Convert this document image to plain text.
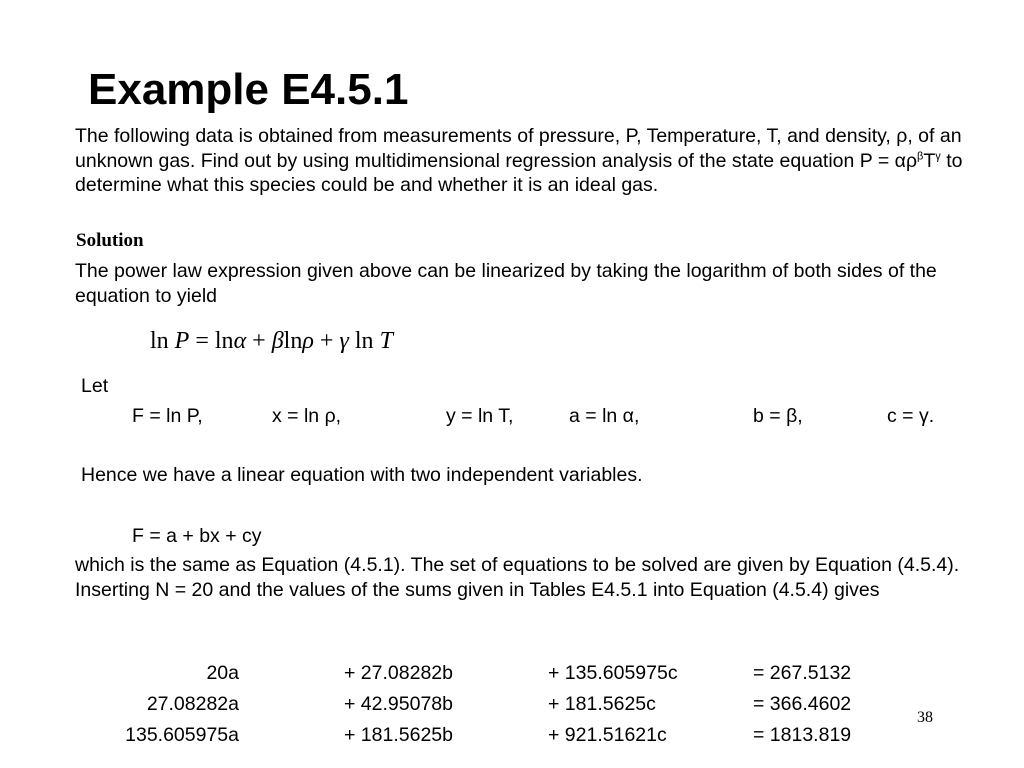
Example E4.5.1
The following data is obtained from measurements of pressure, P, Temperature, T, and density, ρ, of an unknown gas. Find out by using multidimensional regression analysis of the state equation $P = \alpha\rho^\beta T^\gamma$ to determine what this species could be and whether it is an ideal gas.
Solution
The power law expression given above can be linearized by taking the logarithm of both sides of the equation to yield
ln P = lnα + βlnρ + γ ln T
Let
F = ln P,	x = ln ρ,	y = ln T,	a = ln α,	b = β,	c = γ.
Hence we have a linear equation with two independent variables.
F = a + bx + cy
which is the same as Equation (4.5.1). The set of equations to be solved are given by Equation (4.5.4). Inserting N = 20 and the values of the sums given in Tables E4.5.1 into Equation (4.5.4) gives
20a	+ 27.08282b	+ 135.605975c	= 267.5132
27.08282a	+ 42.95078b	+ 181.5625c	= 366.4602
135.605975a	+ 181.5625b	+ 921.51621c	= 1813.819
38
